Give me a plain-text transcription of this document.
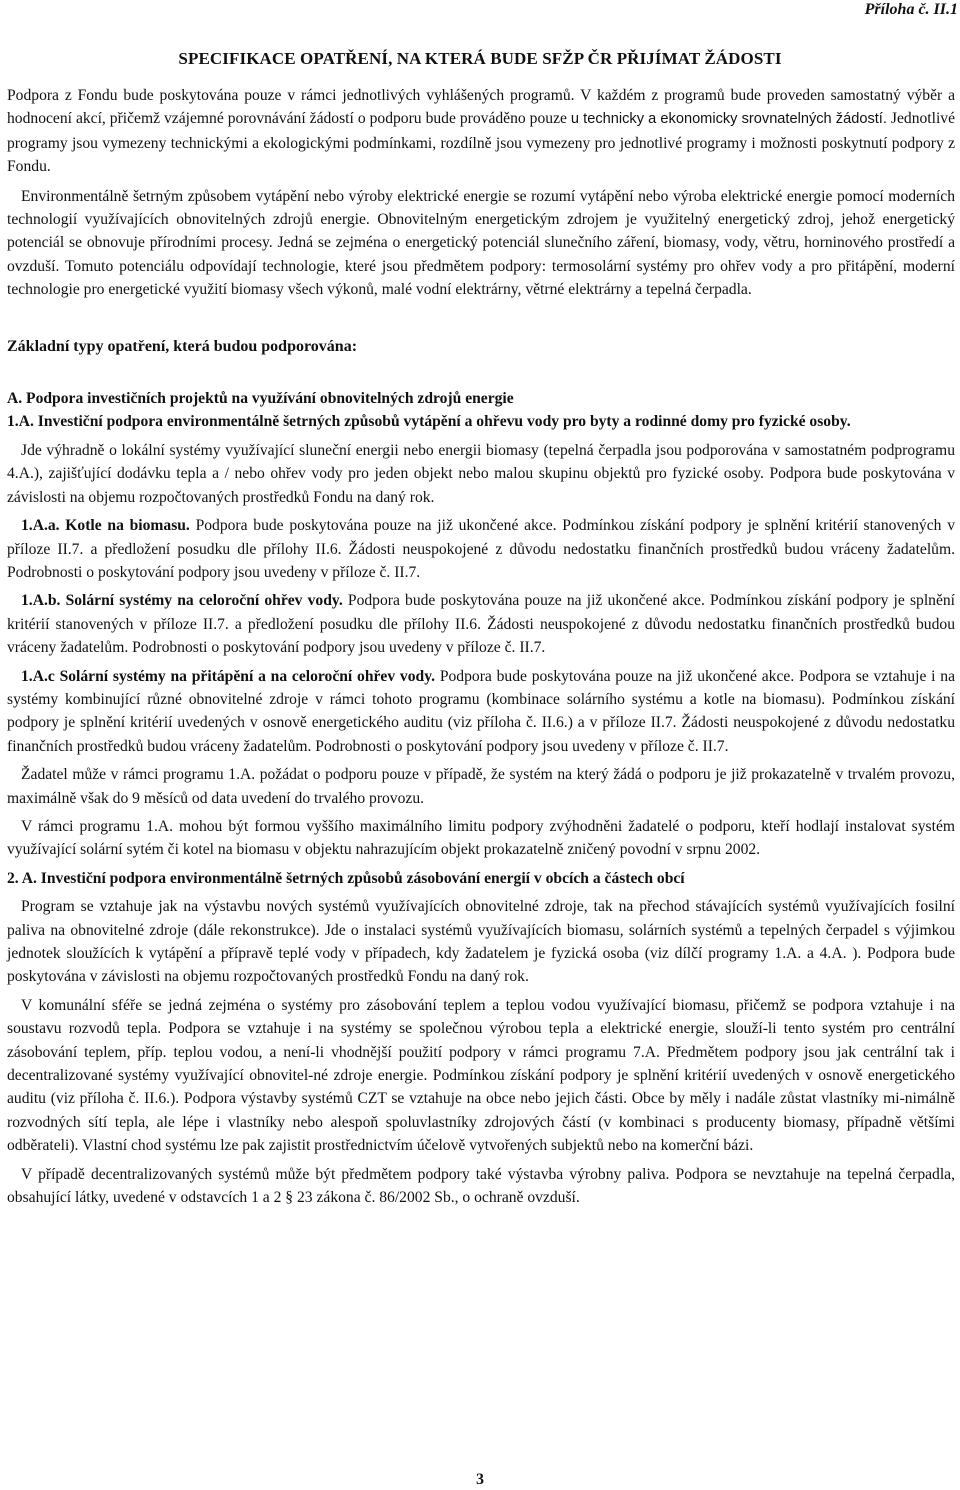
Příloha č. II.1
SPECIFIKACE OPATŘENÍ, NA KTERÁ BUDE SFŽP ČR PŘIJÍMAT ŽÁDOSTI

Podpora z Fondu bude poskytována pouze v rámci jednotlivých vyhlášených programů. V každém z programů bude proveden samostatný výběr a hodnocení akcí, přičemž vzájemné porovnávání žádostí o podporu bude prováděno pouze u technicky a ekonomicky srovnatelných žádostí. Jednotlivé programy jsou vymezeny technickými a ekologickými podmínkami, rozdílně jsou vymezeny pro jednotlivé programy i možnosti poskytnutí podpory z Fondu.

Environmentálně šetrným způsobem vytápění nebo výroby elektrické energie se rozumí vytápění nebo výroba elektrické energie pomocí moderních technologií využívajících obnovitelných zdrojů energie. Obnovitelným energetickým zdrojem je využitelný energetický zdroj, jehož energetický potenciál se obnovuje přírodními procesy. Jedná se zejména o energetický potenciál slunečního záření, biomasy, vody, větru, horninového prostředí a ovzduší. Tomuto potenciálu odpovídají technologie, které jsou předmětem podpory: termosolární systémy pro ohřev vody a pro přitápění, moderní technologie pro energetické využití biomasy všech výkonů, malé vodní elektrárny, větrné elektrárny a tepelná čerpadla.

Základní typy opatření, která budou podporována:

A. Podpora investičních projektů na využívání obnovitelných zdrojů energie

1.A. Investiční podpora environmentálně šetrných způsobů vytápění a ohřevu vody pro byty a rodinné domy pro fyzické osoby.

Jde výhradně o lokální systémy využívající sluneční energii nebo energii biomasy (tepelná čerpadla jsou podporována v samostatném podprogramu 4.A.), zajišťující dodávku tepla a / nebo ohřev vody pro jeden objekt nebo malou skupinu objektů pro fyzické osoby. Podpora bude poskytována v závislosti na objemu rozpočtovaných prostředků Fondu na daný rok.

1.A.a. Kotle na biomasu. Podpora bude poskytována pouze na již ukončené akce. Podmínkou získání podpory je splnění kritérií stanovených v příloze II.7. a předložení posudku dle přílohy II.6. Žádosti neuspokojené z důvodu nedostatku finančních prostředků budou vráceny žadatelům. Podrobnosti o poskytování podpory jsou uvedeny v příloze č. II.7.

1.A.b. Solární systémy na celoroční ohřev vody. Podpora bude poskytována pouze na již ukončené akce. Podmínkou získání podpory je splnění kritérií stanovených v příloze II.7. a předložení posudku dle přílohy II.6. Žádosti neuspokojené z důvodu nedostatku finančních prostředků budou vráceny žadatelům. Podrobnosti o poskytování podpory jsou uvedeny v příloze č. II.7.

1.A.c Solární systémy na přitápění a na celoroční ohřev vody. Podpora bude poskytována pouze na již ukončené akce. Podpora se vztahuje i na systémy kombinující různé obnovitelné zdroje v rámci tohoto programu (kombinace solárního systému a kotle na biomasu). Podmínkou získání podpory je splnění kritérií uvedených v osnově energetického auditu (viz příloha č. II.6.) a v příloze II.7. Žádosti neuspokojené z důvodu nedostatku finančních prostředků budou vráceny žadatelům. Podrobnosti o poskytování podpory jsou uvedeny v příloze č. II.7.

Žadatel může v rámci programu 1.A. požádat o podporu pouze v případě, že systém na který žádá o podporu je již prokazatelně v trvalém provozu, maximálně však do 9 měsíců od data uvedení do trvalého provozu.

V rámci programu 1.A. mohou být formou vyššího maximálního limitu podpory zvýhodněni žadatelé o podporu, kteří hodlají instalovat systém využívající solární sytém či kotel na biomasu v objektu nahrazujícím objekt prokazatelně zničený povodní v srpnu 2002.

2. A. Investiční podpora environmentálně šetrných způsobů zásobování energií v obcích a částech obcí

Program se vztahuje jak na výstavbu nových systémů využívajících obnovitelné zdroje, tak na přechod stávajících systémů využívajících fosilní paliva na obnovitelné zdroje (dále rekonstrukce). Jde o instalaci systémů využívajících biomasu, solárních systémů a tepelných čerpadel s výjimkou jednotek sloužících k vytápění a přípravě teplé vody v případech, kdy žadatelem je fyzická osoba (viz dílčí programy 1.A. a 4.A. ). Podpora bude poskytována v závislosti na objemu rozpočtovaných prostředků Fondu na daný rok.

V komunální sféře se jedná zejména o systémy pro zásobování teplem a teplou vodou využívající biomasu, přičemž se podpora vztahuje i na soustavu rozvodů tepla. Podpora se vztahuje i na systémy se společnou výrobou tepla a elektrické energie, slouží-li tento systém pro centrální zásobování teplem, příp. teplou vodou, a není-li vhodnější použití podpory v rámci programu 7.A. Předmětem podpory jsou jak centrální tak i decentralizované systémy využívající obnovitel-né zdroje energie. Podmínkou získání podpory je splnění kritérií uvedených v osnově energetického auditu (viz příloha č. II.6.). Podpora výstavby systémů CZT se vztahuje na obce nebo jejich části. Obce by měly i nadále zůstat vlastníky mi-nimálně rozvodných sítí tepla, ale lépe i vlastníky nebo alespoň spoluvlastníky zdrojových částí (v kombinaci s producenty biomasy, případně většími odběrateli). Vlastní chod systému lze pak zajistit prostřednictvím účelově vytvořených subjektů nebo na komerční bázi.

V případě decentralizovaných systémů může být předmětem podpory také výstavba výrobny paliva. Podpora se nevztahuje na tepelná čerpadla, obsahující látky, uvedené v odstavcích 1 a 2 § 23 zákona č. 86/2002 Sb., o ochraně ovzduší.

3
